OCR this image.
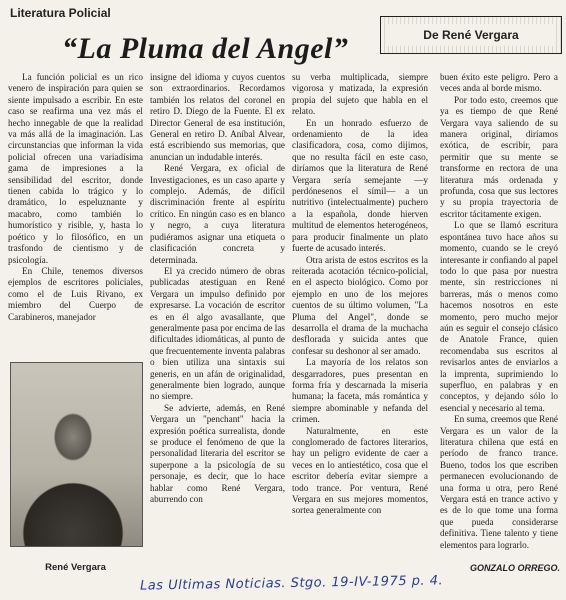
Literatura Policial
“La Pluma del Angel”	De René Vergara

La función policial es un rico venero de inspiración para quien se siente impulsado a escribir. En este caso se reafirma una vez más el hecho innegable de que la realidad va más allá de la imaginación. Las circunstancias que informan la vida policial ofrecen una variadísima gama de impresiones a la sensibilidad del escritor, donde tienen cabida lo trágico y lo dramático, lo espeluznante y macabro, como también lo humorístico y risible, y, hasta lo poético y lo filosófico, en un trasfondo de cientismo y de psicología.

En Chile, tenemos diversos ejemplos de escritores policiales, como el de Luis Rivano, ex miembro del Cuerpo de Carabineros, manejador

René Vergara

insigne del idioma y cuyos cuentos son extraordinarios. Recordamos también los relatos del coronel en retiro D. Diego de la Fuente. El ex Director General de esa institución, General en retiro D. Aníbal Alvear, está escribiendo sus memorias, que anuncian un indudable interés.

René Vergara, ex oficial de Investigaciones, es un caso aparte y complejo. Además, de difícil discriminación frente al espíritu crítico. En ningún caso es en blanco y negro, a cuya literatura pudiéramos asignar una etiqueta o clasificación concreta y determinada.

El ya crecido número de obras publicadas atestiguan en René Vergara un impulso definido por expresarse. La vocación de escritor es en él algo avasallante, que generalmente pasa por encima de las dificultades idiomáticas, al punto de que frecuentemente inventa palabras o bien utiliza una sintaxis sui generis, en un afán de originalidad, generalmente bien logrado, aunque no siempre.

Se advierte, además, en René Vergara un "penchant" hacia la expresión poética surrealista, donde se produce el fenómeno de que la personalidad literaria del escritor se superpone a la psicología de su personaje, es decir, que lo hace hablar como René Vergara, aburrendo con

su verba multiplicada, siempre vigorosa y matizada, la expresión propia del sujeto que habla en el relato.

En un honrado esfuerzo de ordenamiento de la idea clasificadora, cosa, como dijimos, que no resulta fácil en este caso, diríamos que la literatura de René Vergara sería semejante —y perdónesenos el símil— a un nutritivo (intelectualmente) puchero a la española, donde hierven multitud de elementos heterogéneos, para producir finalmente un plato fuerte de acusado interés.

Otra arista de estos escritos es la reiterada acotación técnico-policial, en el aspecto biológico. Como por ejemplo en uno de los mejores cuentos de su último volumen, "La Pluma del Angel", donde se desarrolla el drama de la muchacha desflorada y suicida antes que confesar su deshonor al ser amado.

La mayoría de los relatos son desgarradores, pues presentan en forma fría y descarnada la miseria humana; la faceta, más romántica y siempre abominable y nefanda del crimen.

Naturalmente, en este conglomerado de factores literarios, hay un peligro evidente de caer a veces en lo antiestético, cosa que el escritor debería evitar siempre a todo trance. Por ventura, René Vergara en sus mejores momentos, sortea generalmente con

buen éxito este peligro. Pero a veces anda al borde mismo.

Por todo esto, creemos que ya es tiempo de que René Vergara vaya saliendo de su manera original, diríamos exótica, de escribir, para permitir que su mente se transforme en rectora de una literatura más ordenada y profunda, cosa que sus lectores y su propia trayectoria de escritor tácitamente exigen.

Lo que se llamó escritura espontánea tuvo hace años su momento, cuando se le creyó interesante ir confiando al papel todo lo que pasa por nuestra mente, sin restricciones ni barreras, más o menos como hacemos nosotros en este momento, pero mucho mejor aún es seguir el consejo clásico de Anatole France, quien recomendaba sus escritos al revisarlos antes de enviarlos a la imprenta, suprimiendo lo superfluo, en palabras y en conceptos, y dejando sólo lo esencial y necesario al tema.

En suma, creemos que René Vergara es un valor de la literatura chilena que está en período de franco trance. Bueno, todos los que escriben permanecen evolucionando de una forma u otra, pero René Vergara está en trance activo y es de lo que tome una forma que pueda considerarse definitiva. Tiene talento y tiene elementos para lograrlo.

GONZALO ORREGO.
Las Ultimas Noticias. Stgo. 19-IV-1975 p. 4.
